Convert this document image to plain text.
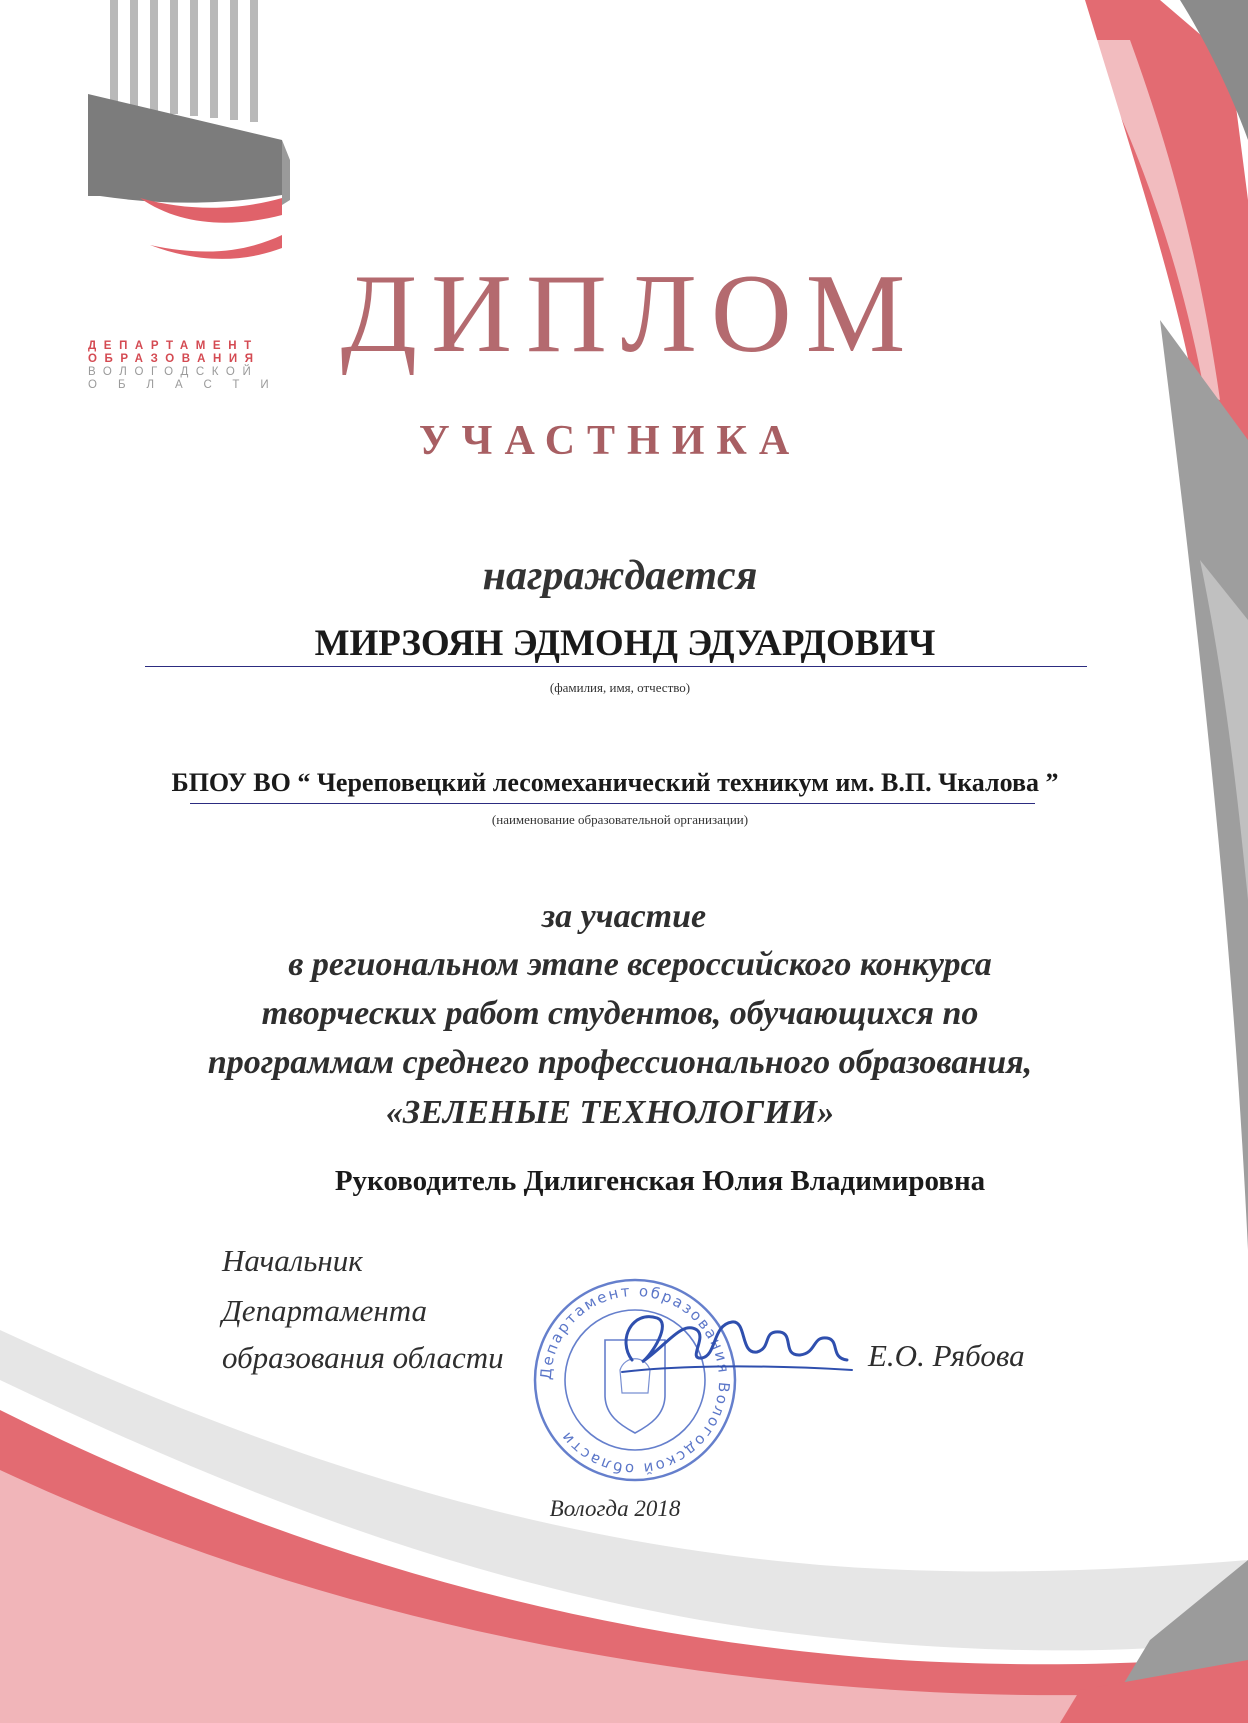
ДЕПАРТАМЕНТ
ОБРАЗОВАНИЯ
ВОЛОГОДСКОЙ
ОБЛАСТИ
ДИПЛОМ
УЧАСТНИКА
награждается
МИРЗОЯН ЭДМОНД ЭДУАРДОВИЧ
(фамилия, имя, отчество)
БПОУ ВО “ Череповецкий лесомеханический техникум им. В.П. Чкалова ”
(наименование образовательной организации)
за участие
в региональном этапе всероссийского конкурса
творческих работ студентов, обучающихся по
программам среднего профессионального образования,
«ЗЕЛЕНЫЕ ТЕХНОЛОГИИ»
Руководитель Дилигенская Юлия Владимировна
Начальник
Департамента
образования области Департамент образования Вологодской области
Е.О. Рябова
Вологда 2018
